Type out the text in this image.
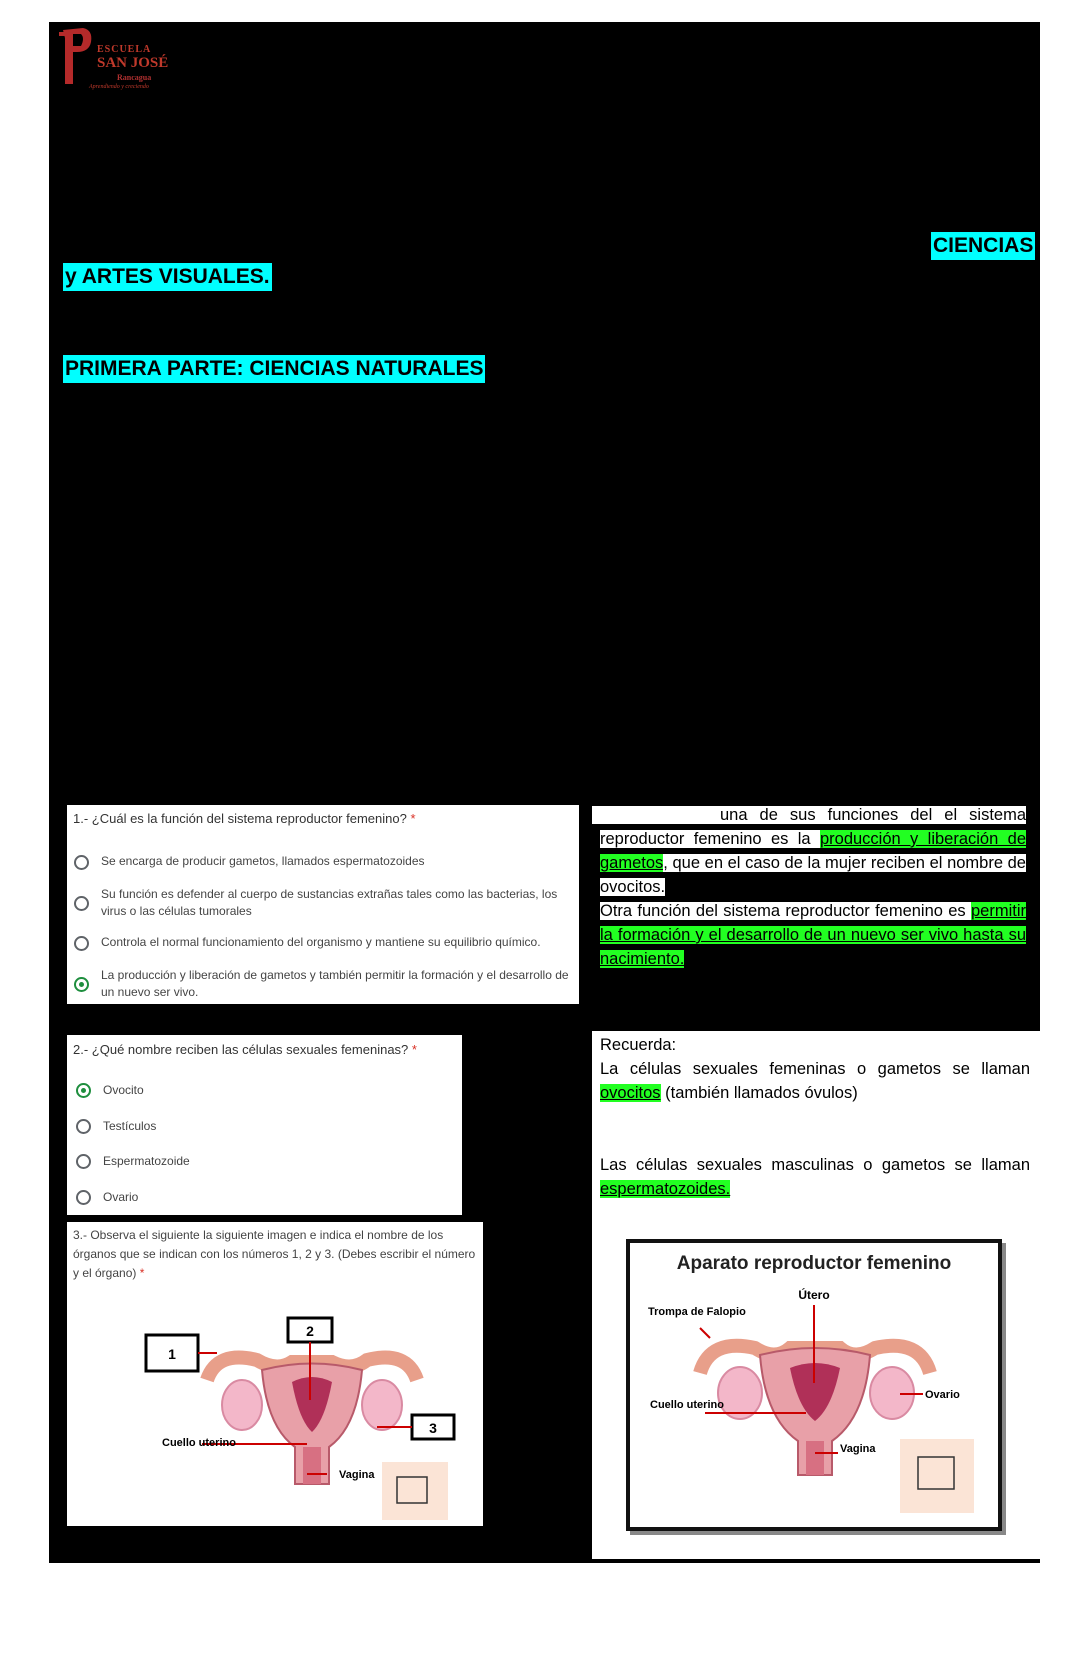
ESCUELA
SAN JOSÉ
Rancagua
Aprendiendo y creciendo
CIENCIAS
y ARTES VISUALES.
PRIMERA PARTE: CIENCIAS NATURALES
1.- ¿Cuál es la función del sistema reproductor femenino? *
Se encarga de producir gametos, llamados espermatozoides
Su función es defender al cuerpo de sustancias extrañas tales como las bacterias, los virus o las células tumorales
Controla el normal funcionamiento del organismo y mantiene su equilibrio químico.
La producción y liberación de gametos y también permitir la formación y el desarrollo de un nuevo ser vivo.
una de sus funciones del el sistema reproductor femenino es la producción y liberación de gametos, que en el caso de la mujer reciben el nombre de ovocitos.
Otra función del sistema reproductor femenino es permitir la formación y el desarrollo de un nuevo ser vivo hasta su nacimiento.
2.- ¿Qué nombre reciben las células sexuales femeninas? *
Ovocito
Testículos
Espermatozoide
Ovario
Recuerda:
La células sexuales femeninas o gametos se llaman ovocitos (también llamados óvulos)
Las células sexuales masculinas o gametos se llaman espermatozoides.
3.- Observa el siguiente la siguiente imagen e indica el nombre de los órganos que se indican con los números 1, 2 y 3. (Debes escribir el número y el órgano) *
1
2
3
Cuello uterino
Vagina
Aparato reproductor femenino
Útero
Trompa de Falopio
Ovario
Cuello uterino
Vagina
